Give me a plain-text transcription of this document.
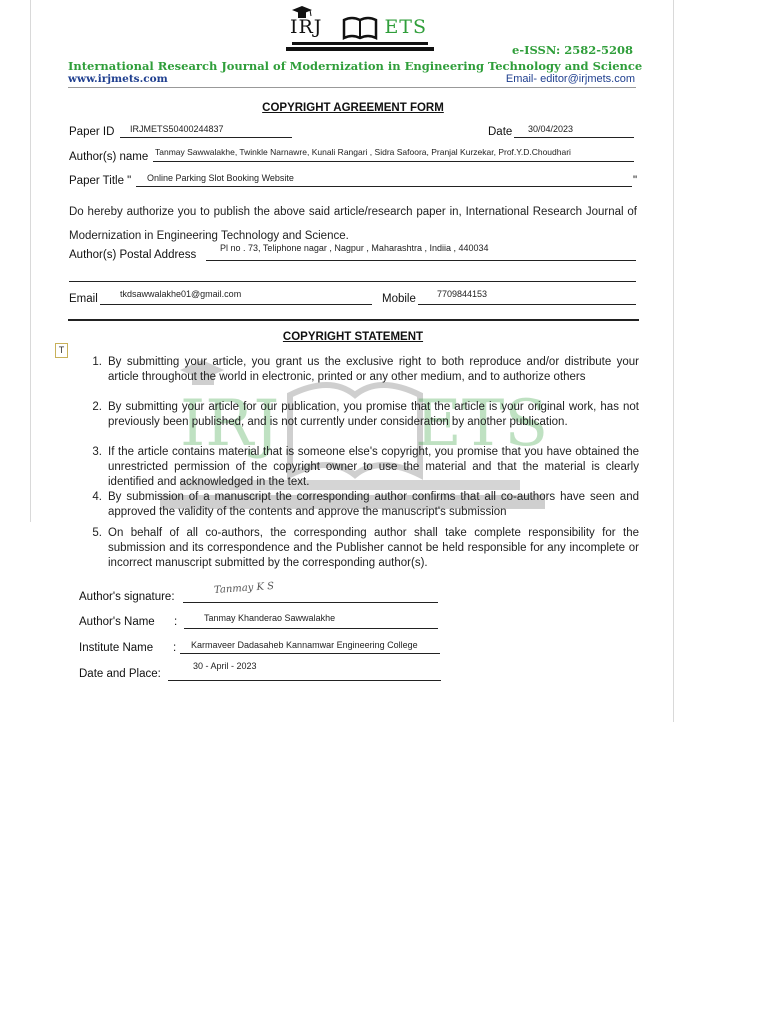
IRJ ETS
IRJ	ETS
e-ISSN: 2582-5208
International Research Journal of Modernization in Engineering Technology and Science
www.irjmets.com	Email- editor@irjmets.com
COPYRIGHT AGREEMENT FORM
Paper ID IRJMETS50400244837	Date 30/04/2023
Author(s) name Tanmay Sawwalakhe, Twinkle Narnawre, Kunali Rangari , Sidra Safoora, Pranjal Kurzekar, Prof.Y.D.Choudhari
Paper Title " Online Parking Slot Booking Website	"
Do hereby authorize you to publish the above said article/research paper in, International Research Journal of Modernization in Engineering Technology and Science.
Author(s) Postal Address
Pl no . 73, Teliphone nagar , Nagpur , Maharashtra , Indiia , 440034
Email tkdsawwalakhe01@gmail.com	Mobile 7709844153
T
COPYRIGHT STATEMENT
1. By submitting your article, you grant us the exclusive right to both reproduce and/or distribute your article throughout the world in electronic, printed or any other medium, and to authorize others
2. By submitting your article for our publication, you promise that the article is your original work, has not previously been published, and is not currently under consideration by another publication.
3. If the article contains material that is someone else's copyright, you promise that you have obtained the unrestricted permission of the copyright owner to use the material and that the material is clearly identified and acknowledged in the text.
4. By submission of a manuscript the corresponding author confirms that all co-authors have seen and approved the validity of the contents and approve the manuscript's submission
5. On behalf of all co-authors, the corresponding author shall take complete responsibility for the submission and its correspondence and the Publisher cannot be held responsible for any incomplete or incorrect manuscript submitted by the corresponding author(s).
Author's signature:
Tanmay K S
Author's Name :	Tanmay Khanderao Sawwalakhe
Institute Name : Karmaveer Dadasaheb Kannamwar Engineering College
Date and Place:
30 - April - 2023
